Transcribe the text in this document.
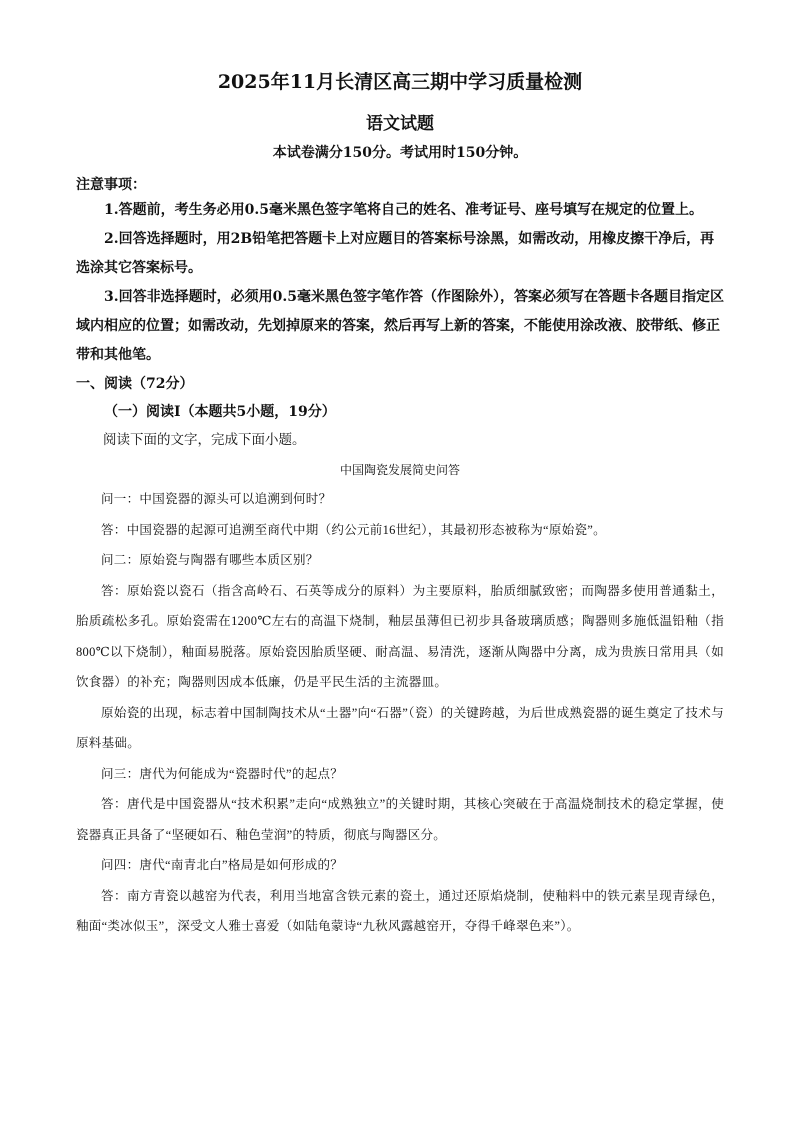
2025年11月长清区高三期中学习质量检测
语文试题
本试卷满分150分。考试用时150分钟。
注意事项：

1.答题前，考生务必用0.5毫米黑色签字笔将自己的姓名、准考证号、座号填写在规定的位置上。

2.回答选择题时，用2B铅笔把答题卡上对应题目的答案标号涂黑，如需改动，用橡皮擦干净后，再选涂其它答案标号。

3.回答非选择题时，必须用0.5毫米黑色签字笔作答（作图除外），答案必须写在答题卡各题目指定区域内相应的位置；如需改动，先划掉原来的答案，然后再写上新的答案，不能使用涂改液、胶带纸、修正带和其他笔。

一、阅读（72分）
（一）阅读Ⅰ（本题共5小题，19分）

阅读下面的文字，完成下面小题。

中国陶瓷发展简史问答

问一：中国瓷器的源头可以追溯到何时？

答：中国瓷器的起源可追溯至商代中期（约公元前16世纪），其最初形态被称为“原始瓷”。

问二：原始瓷与陶器有哪些本质区别？

答：原始瓷以瓷石（指含高岭石、石英等成分的原料）为主要原料，胎质细腻致密；而陶器多使用普通黏土，胎质疏松多孔。原始瓷需在1200℃左右的高温下烧制，釉层虽薄但已初步具备玻璃质感；陶器则多施低温铅釉（指800℃以下烧制），釉面易脱落。原始瓷因胎质坚硬、耐高温、易清洗，逐渐从陶器中分离，成为贵族日常用具（如饮食器）的补充；陶器则因成本低廉，仍是平民生活的主流器皿。

原始瓷的出现，标志着中国制陶技术从“土器”向“石器”（瓷）的关键跨越，为后世成熟瓷器的诞生奠定了技术与原料基础。

问三：唐代为何能成为“瓷器时代”的起点？

答：唐代是中国瓷器从“技术积累”走向“成熟独立”的关键时期，其核心突破在于高温烧制技术的稳定掌握，使瓷器真正具备了“坚硬如石、釉色莹润”的特质，彻底与陶器区分。

问四：唐代“南青北白”格局是如何形成的？

答：南方青瓷以越窑为代表，利用当地富含铁元素的瓷土，通过还原焰烧制，使釉料中的铁元素呈现青绿色，釉面“类冰似玉”，深受文人雅士喜爱（如陆龟蒙诗“九秋风露越窑开，夺得千峰翠色来”）。
